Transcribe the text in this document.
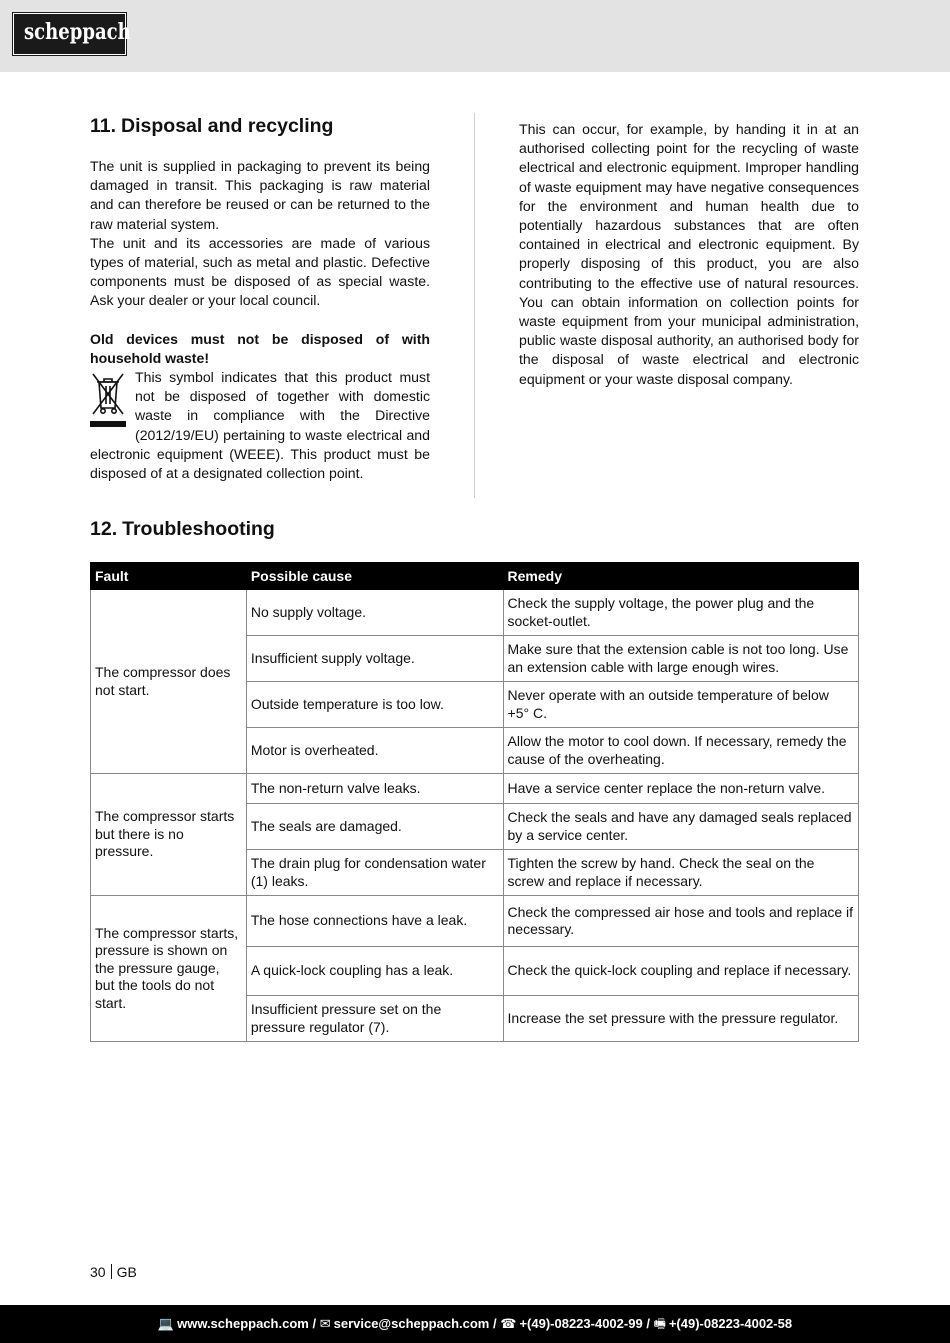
scheppach
11. Disposal and recycling

The unit is supplied in packaging to prevent its being damaged in transit. This packaging is raw material and can therefore be reused or can be returned to the raw material system.

The unit and its accessories are made of various types of material, such as metal and plastic. Defective components must be disposed of as special waste. Ask your dealer or your local council.

Old devices must not be disposed of with household waste!

This symbol indicates that this product must not be disposed of together with domestic waste in compliance with the Directive (2012/19/EU) pertaining to waste electrical and electronic equipment (WEEE). This product must be disposed of at a designated collection point.

This can occur, for example, by handing it in at an authorised collecting point for the recycling of waste electrical and electronic equipment. Improper handling of waste equipment may have negative consequences for the environment and human health due to potentially hazardous substances that are often contained in electrical and electronic equipment. By properly disposing of this product, you are also contributing to the effective use of natural resources. You can obtain information on collection points for waste equipment from your municipal administration, public waste disposal authority, an authorised body for the disposal of waste electrical and electronic equipment or your waste disposal company.

12. Troubleshooting
Fault	Possible cause	Remedy
The compressor does not start.	No supply voltage.	Check the supply voltage, the power plug and the socket-outlet.
	Insufficient supply voltage.	Make sure that the extension cable is not too long. Use an extension cable with large enough wires.
	Outside temperature is too low.	Never operate with an outside temperature of below +5° C.
	Motor is overheated.	Allow the motor to cool down. If necessary, remedy the cause of the overheating.
The compressor starts but there is no pressure.	The non-return valve leaks.	Have a service center replace the non-return valve.
	The seals are damaged.	Check the seals and have any damaged seals replaced by a service center.
	The drain plug for condensation water (1) leaks.	Tighten the screw by hand. Check the seal on the screw and replace if necessary.
The compressor starts, pressure is shown on the pressure gauge, but the tools do not start.	The hose connections have a leak.	Check the compressed air hose and tools and replace if necessary.
	A quick-lock coupling has a leak.	Check the quick-lock coupling and replace if necessary.
	Insufficient pressure set on the pressure regulator (7).	Increase the set pressure with the pressure regulator.
30 GB
💻 www.scheppach.com / ✉ service@scheppach.com / ☎ +(49)-08223-4002-99 / 🖷 +(49)-08223-4002-58
